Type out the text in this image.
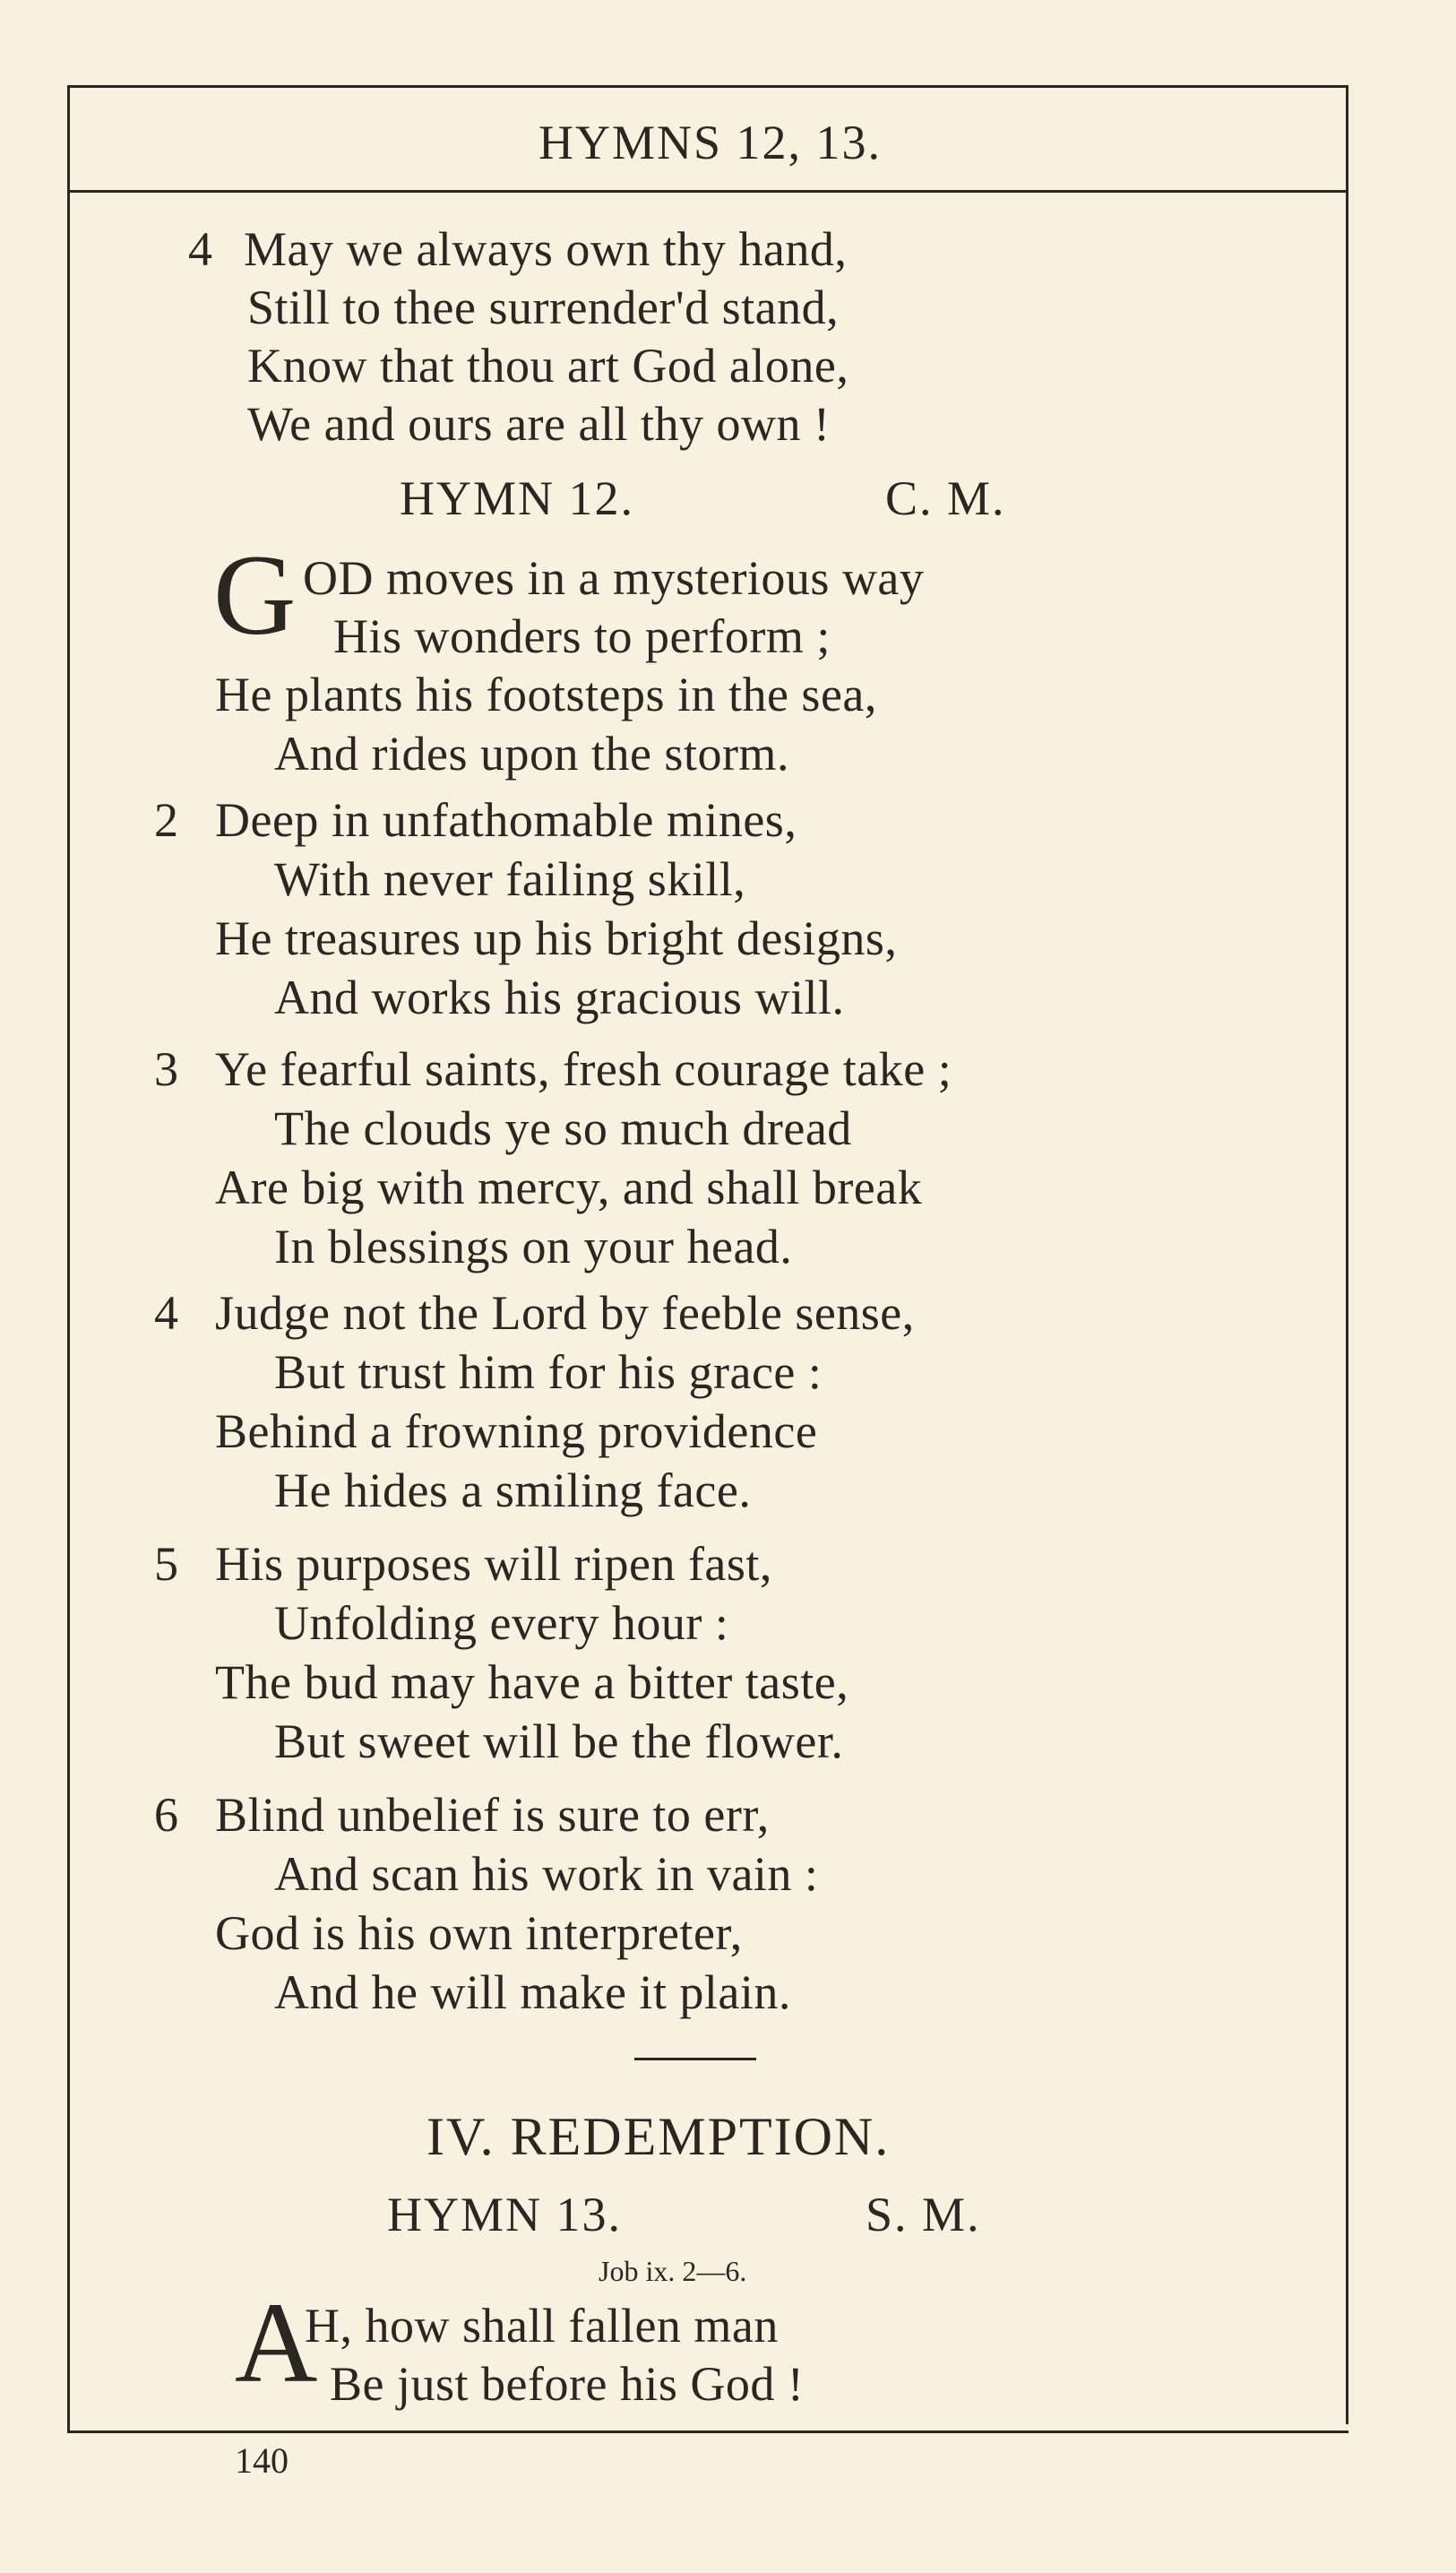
HYMNS 12, 13.
4 May we always own thy hand,
Still to thee surrender'd stand,
Know that thou art God alone,
We and ours are all thy own !
HYMN 12.	C. M.
G OD moves in a mysterious way
His wonders to perform ;
He plants his footsteps in the sea,
And rides upon the storm.
2 Deep in unfathomable mines,
With never failing skill,
He treasures up his bright designs,
And works his gracious will.
3 Ye fearful saints, fresh courage take ;
The clouds ye so much dread
Are big with mercy, and shall break
In blessings on your head.
4 Judge not the Lord by feeble sense,
But trust him for his grace :
Behind a frowning providence
He hides a smiling face.
5 His purposes will ripen fast,
Unfolding every hour :
The bud may have a bitter taste,
But sweet will be the flower.
6 Blind unbelief is sure to err,
And scan his work in vain :
God is his own interpreter,
And he will make it plain.
IV. REDEMPTION.
HYMN 13.	S. M.
Job ix. 2—6.
A
H, how shall fallen man
Be just before his God !
140
